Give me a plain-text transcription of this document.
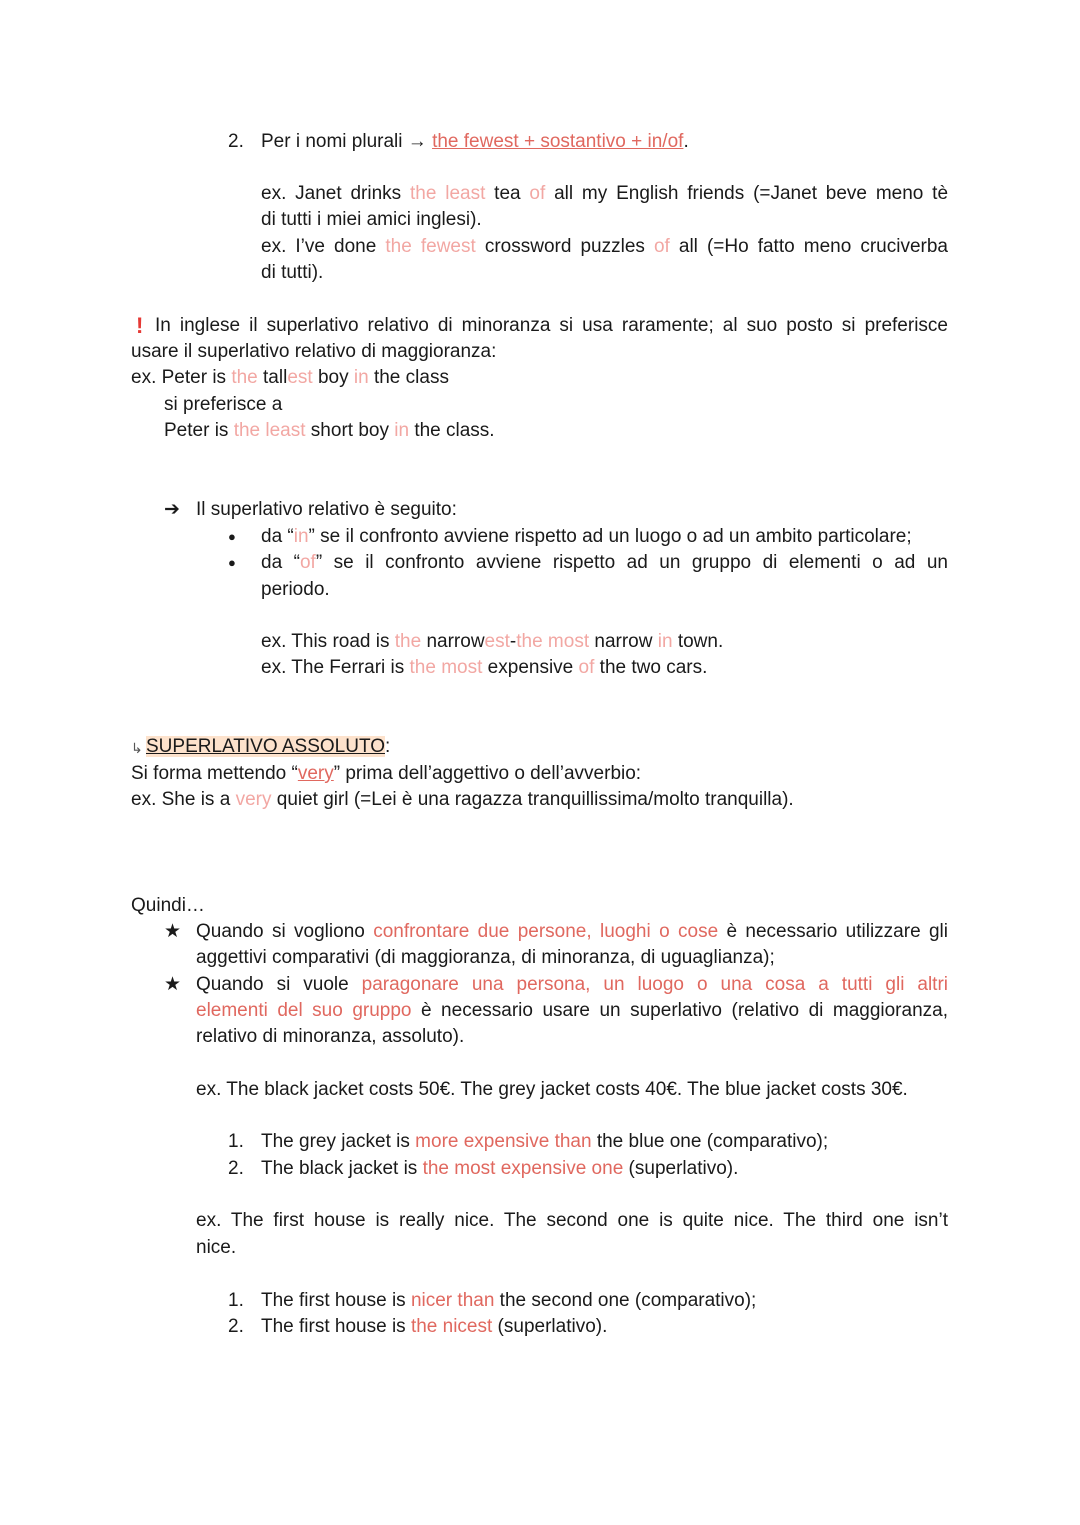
2. Per i nomi plurali → the fewest + sostantivo + in/of.
ex. Janet drinks the least tea of all my English friends (=Janet beve meno tè
di tutti i miei amici inglesi).
ex. I’ve done the fewest crossword puzzles of all (=Ho fatto meno cruciverba
di tutti).
! In inglese il superlativo relativo di minoranza si usa raramente; al suo posto si preferisce
usare il superlativo relativo di maggioranza:
ex. Peter is the tallest boy in the class
si preferisce a
Peter is the least short boy in the class.
➔ Il superlativo relativo è seguito:
● da “in” se il confronto avviene rispetto ad un luogo o ad un ambito particolare;
● da “of” se il confronto avviene rispetto ad un gruppo di elementi o ad un
periodo.
ex. This road is the narrowest-the most narrow in town.
ex. The Ferrari is the most expensive of the two cars.
↳ SUPERLATIVO ASSOLUTO:
Si forma mettendo “very” prima dell’aggettivo o dell’avverbio:
ex. She is a very quiet girl (=Lei è una ragazza tranquillissima/molto tranquilla).
Quindi…
★ Quando si vogliono confrontare due persone, luoghi o cose è necessario utilizzare gli
aggettivi comparativi (di maggioranza, di minoranza, di uguaglianza);
★ Quando si vuole paragonare una persona, un luogo o una cosa a tutti gli altri
elementi del suo gruppo è necessario usare un superlativo (relativo di maggioranza,
relativo di minoranza, assoluto).
ex. The black jacket costs 50€. The grey jacket costs 40€. The blue jacket costs 30€.
1. The grey jacket is more expensive than the blue one (comparativo);
2. The black jacket is the most expensive one (superlativo).
ex. The first house is really nice. The second one is quite nice. The third one isn’t
nice.
1. The first house is nicer than the second one (comparativo);
2. The first house is the nicest (superlativo).
